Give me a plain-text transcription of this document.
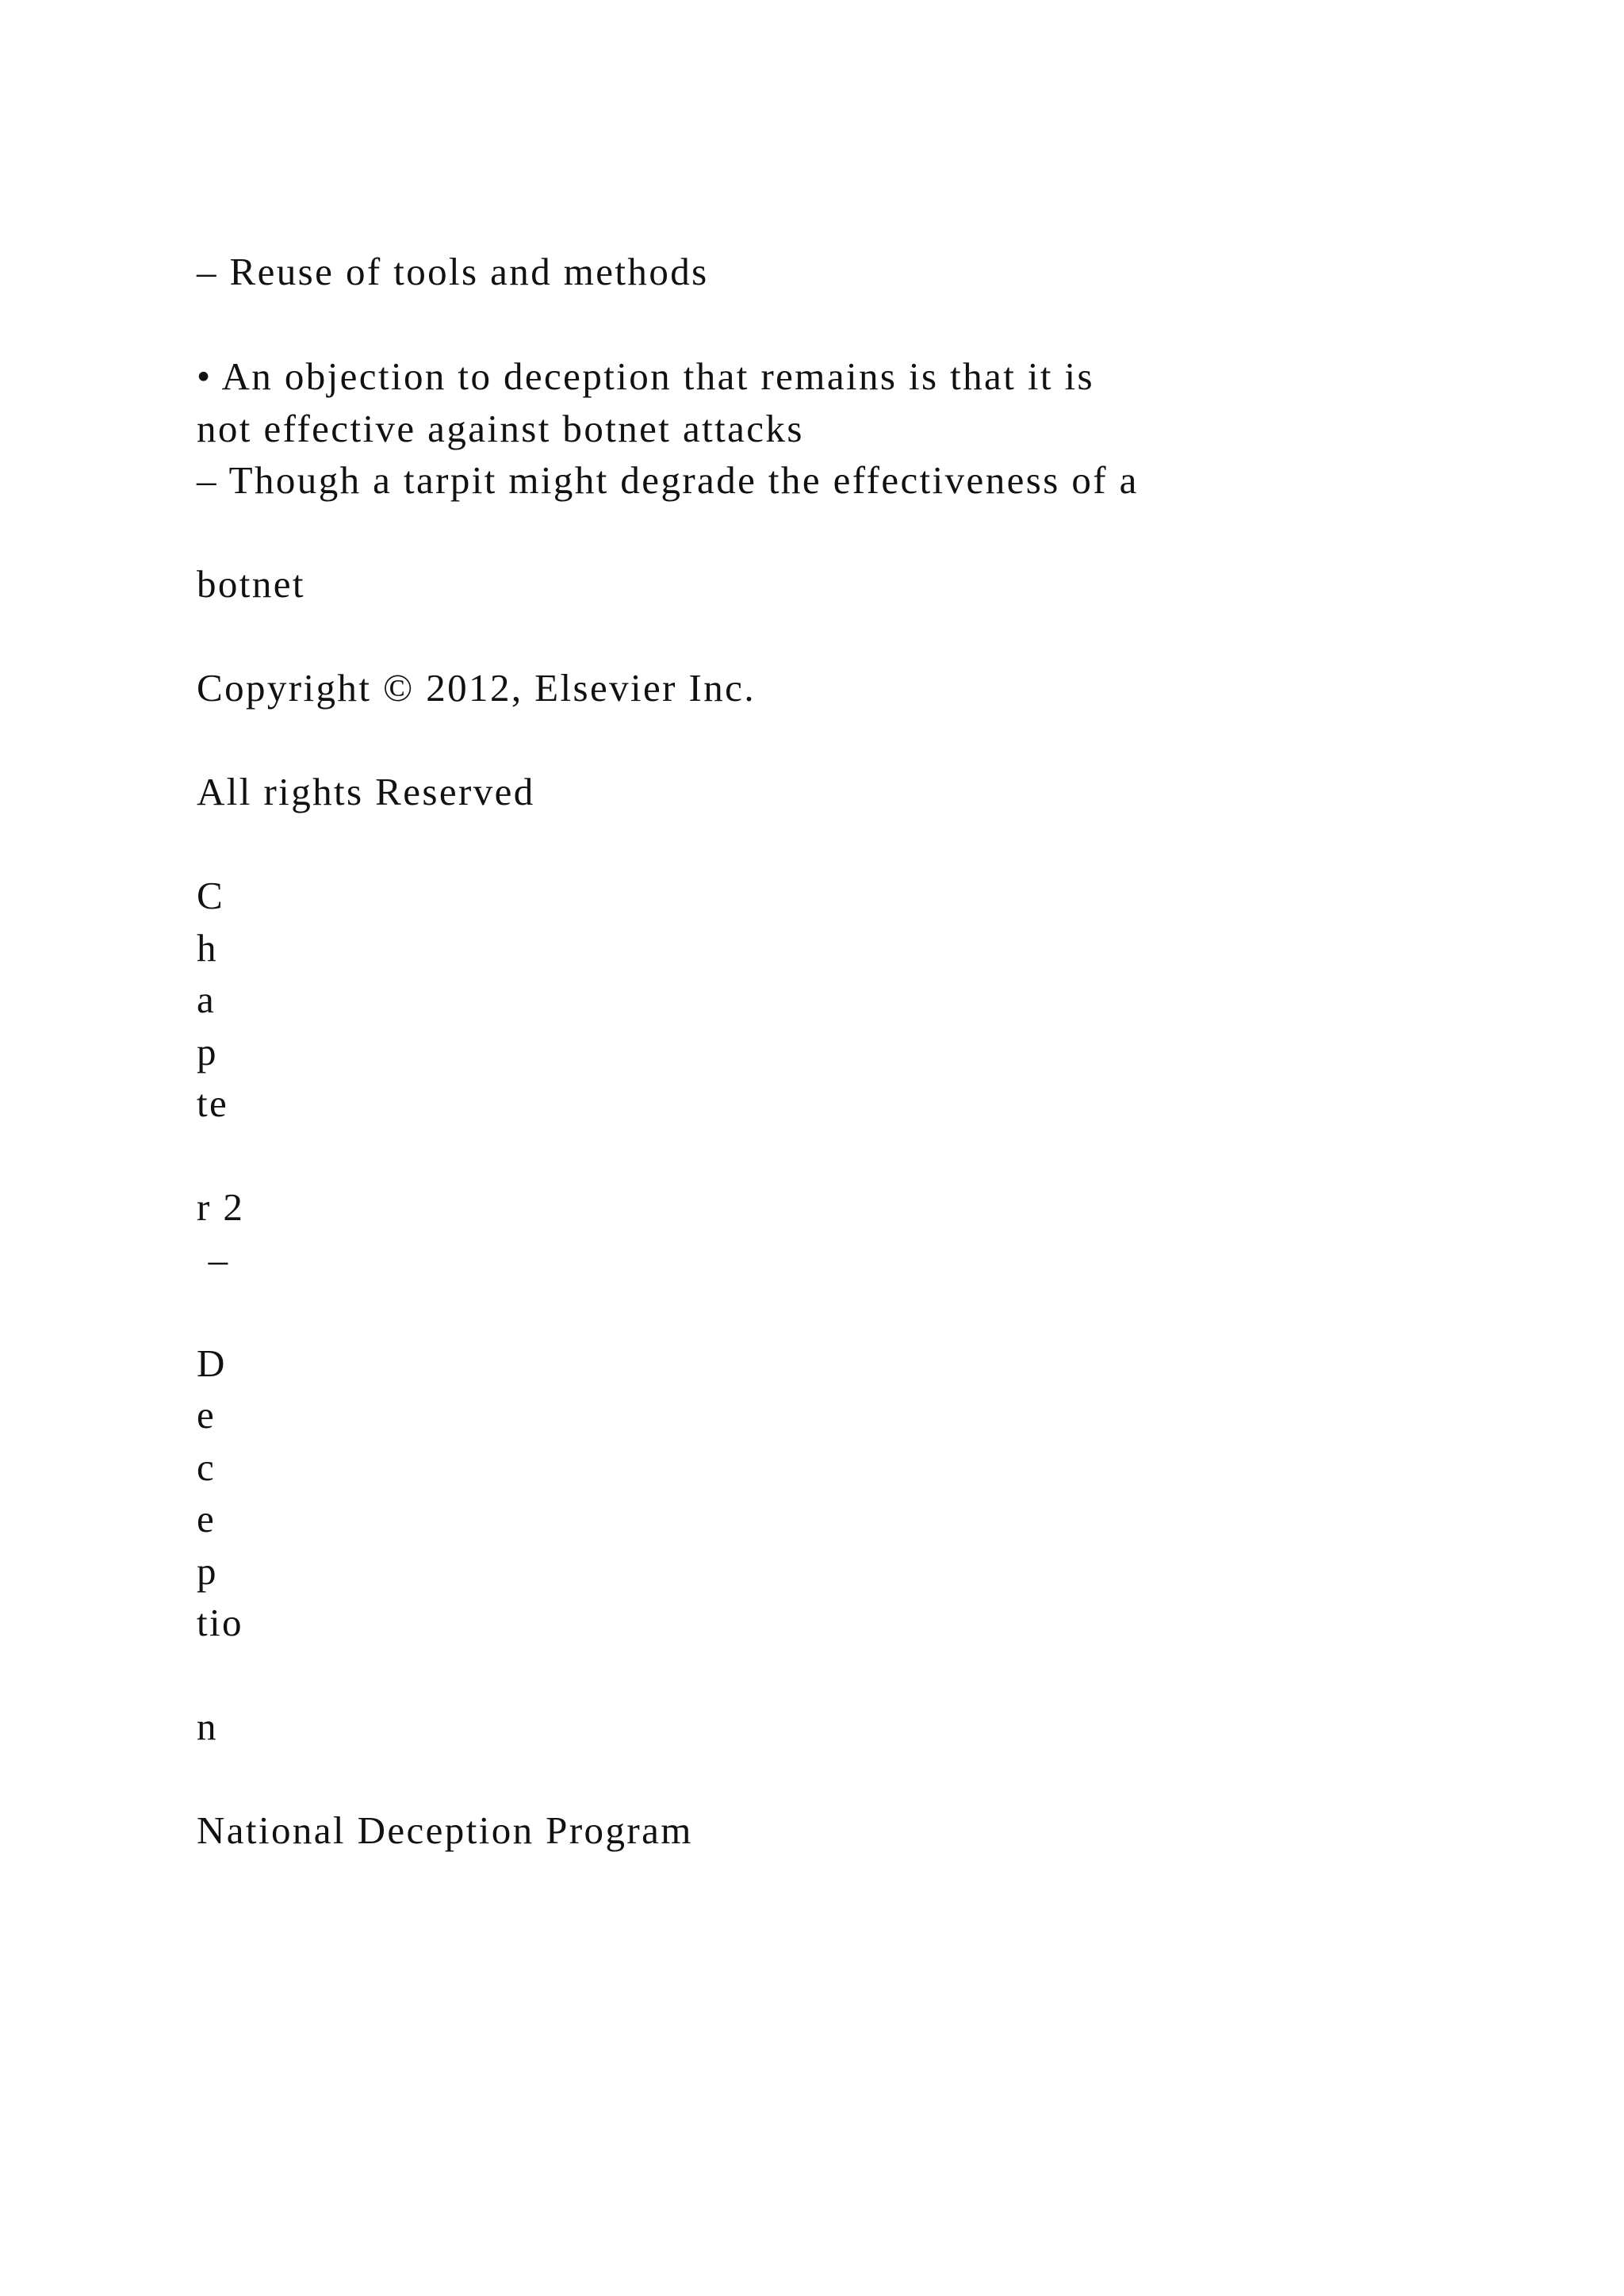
– Reuse of tools and methods
• An objection to deception that remains is that it is
not effective against botnet attacks
– Though a tarpit might degrade the effectiveness of a
botnet
Copyright © 2012, Elsevier Inc.
All rights Reserved
C
h
a
p
te
r 2
–
D
e
c
e
p
tio
n
National Deception Program
